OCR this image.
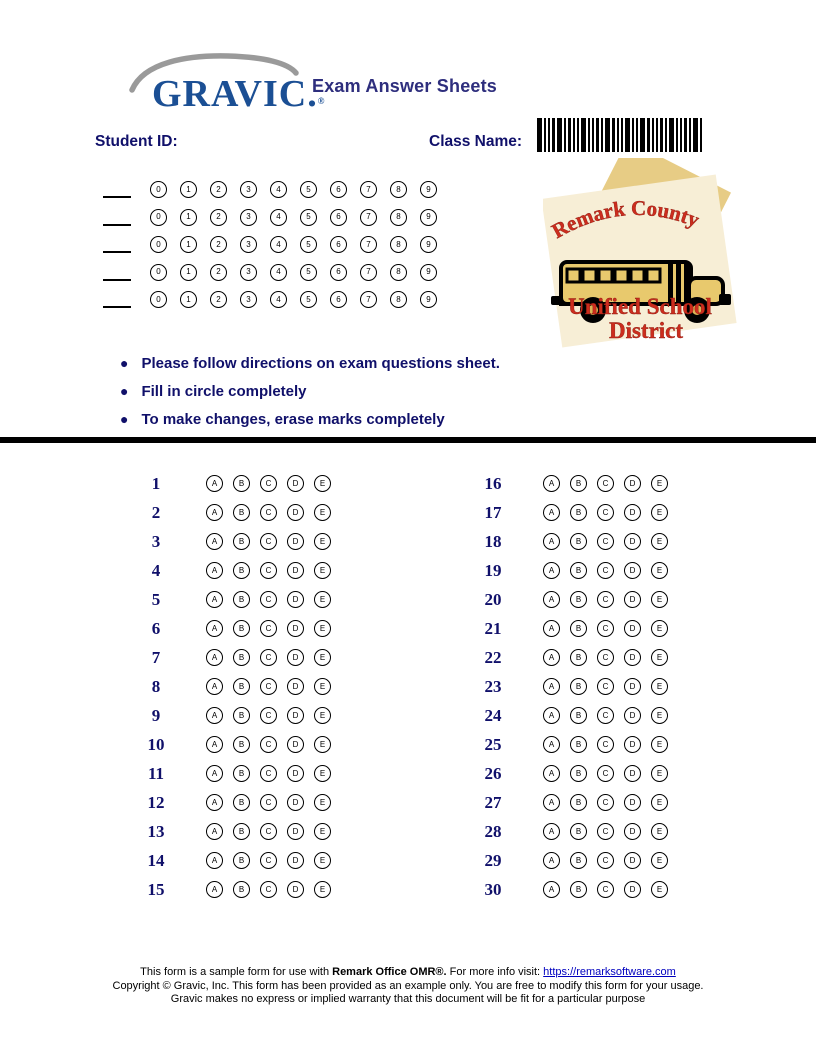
GRAVIC.®
Exam Answer Sheets
Student ID:	Class Name:
0	1	2	3	4	5	6	7	8	9
0	1	2	3	4	5	6	7	8	9
0	1	2	3	4	5	6	7	8	9
0	1	2	3	4	5	6	7	8	9
0	1	2	3	4	5	6	7	8	9
Remark County
Unified School
District
● Please follow directions on exam questions sheet.
● Fill in circle completely
● To make changes, erase marks completely
1	A	B	C	D	E
2	A	B	C	D	E
3	A	B	C	D	E
4	A	B	C	D	E
5	A	B	C	D	E
6	A	B	C	D	E
7	A	B	C	D	E
8	A	B	C	D	E
9	A	B	C	D	E
10	A	B	C	D	E
11	A	B	C	D	E
12	A	B	C	D	E
13	A	B	C	D	E
14	A	B	C	D	E
15	A	B	C	D	E
16	A	B	C	D	E
17	A	B	C	D	E
18	A	B	C	D	E
19	A	B	C	D	E
20	A	B	C	D	E
21	A	B	C	D	E
22	A	B	C	D	E
23	A	B	C	D	E
24	A	B	C	D	E
25	A	B	C	D	E
26	A	B	C	D	E
27	A	B	C	D	E
28	A	B	C	D	E
29	A	B	C	D	E
30	A	B	C	D	E
This form is a sample form for use with Remark Office OMR®. For more info visit: https://remarksoftware.com
Copyright © Gravic, Inc. This form has been provided as an example only. You are free to modify this form for your usage.
Gravic makes no express or implied warranty that this document will be fit for a particular purpose
